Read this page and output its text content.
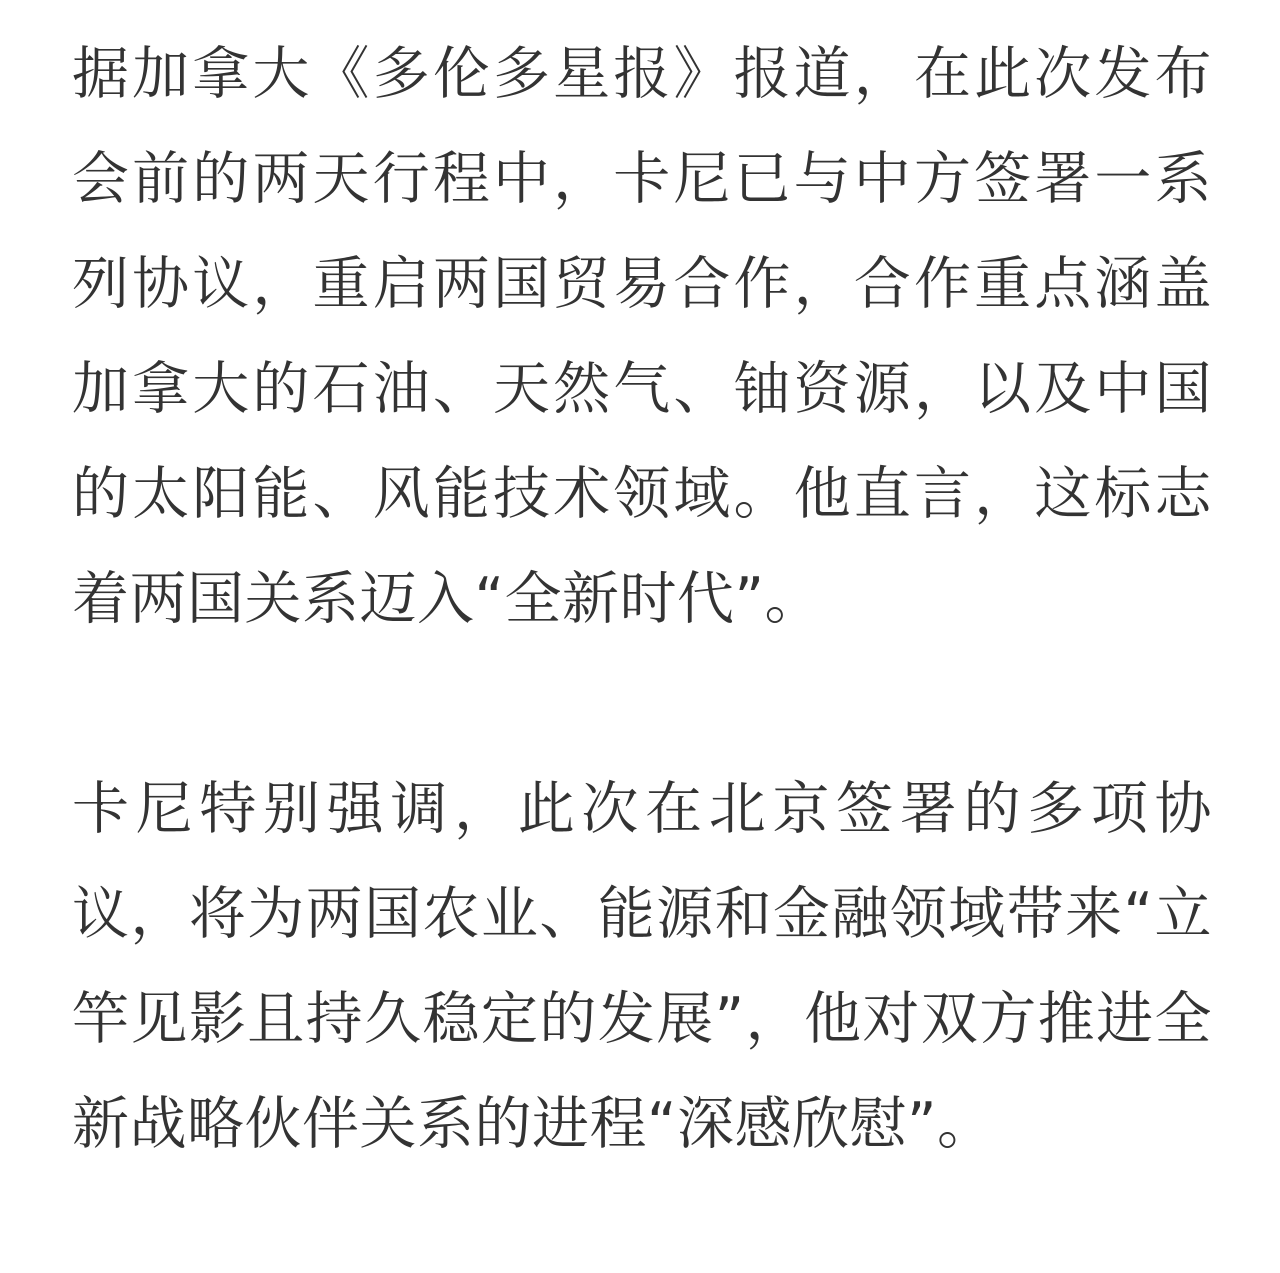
据加拿大《多伦多星报》报道，在此次发布会前的两天行程中，卡尼已与中方签署一系列协议，重启两国贸易合作，合作重点涵盖加拿大的石油、天然气、铀资源，以及中国的太阳能、风能技术领域。他直言，这标志着两国关系迈入“全新时代”。

卡尼特别强调，此次在北京签署的多项协议，将为两国农业、能源和金融领域带来“立竿见影且持久稳定的发展”，他对双方推进全新战略伙伴关系的进程“深感欣慰”。
